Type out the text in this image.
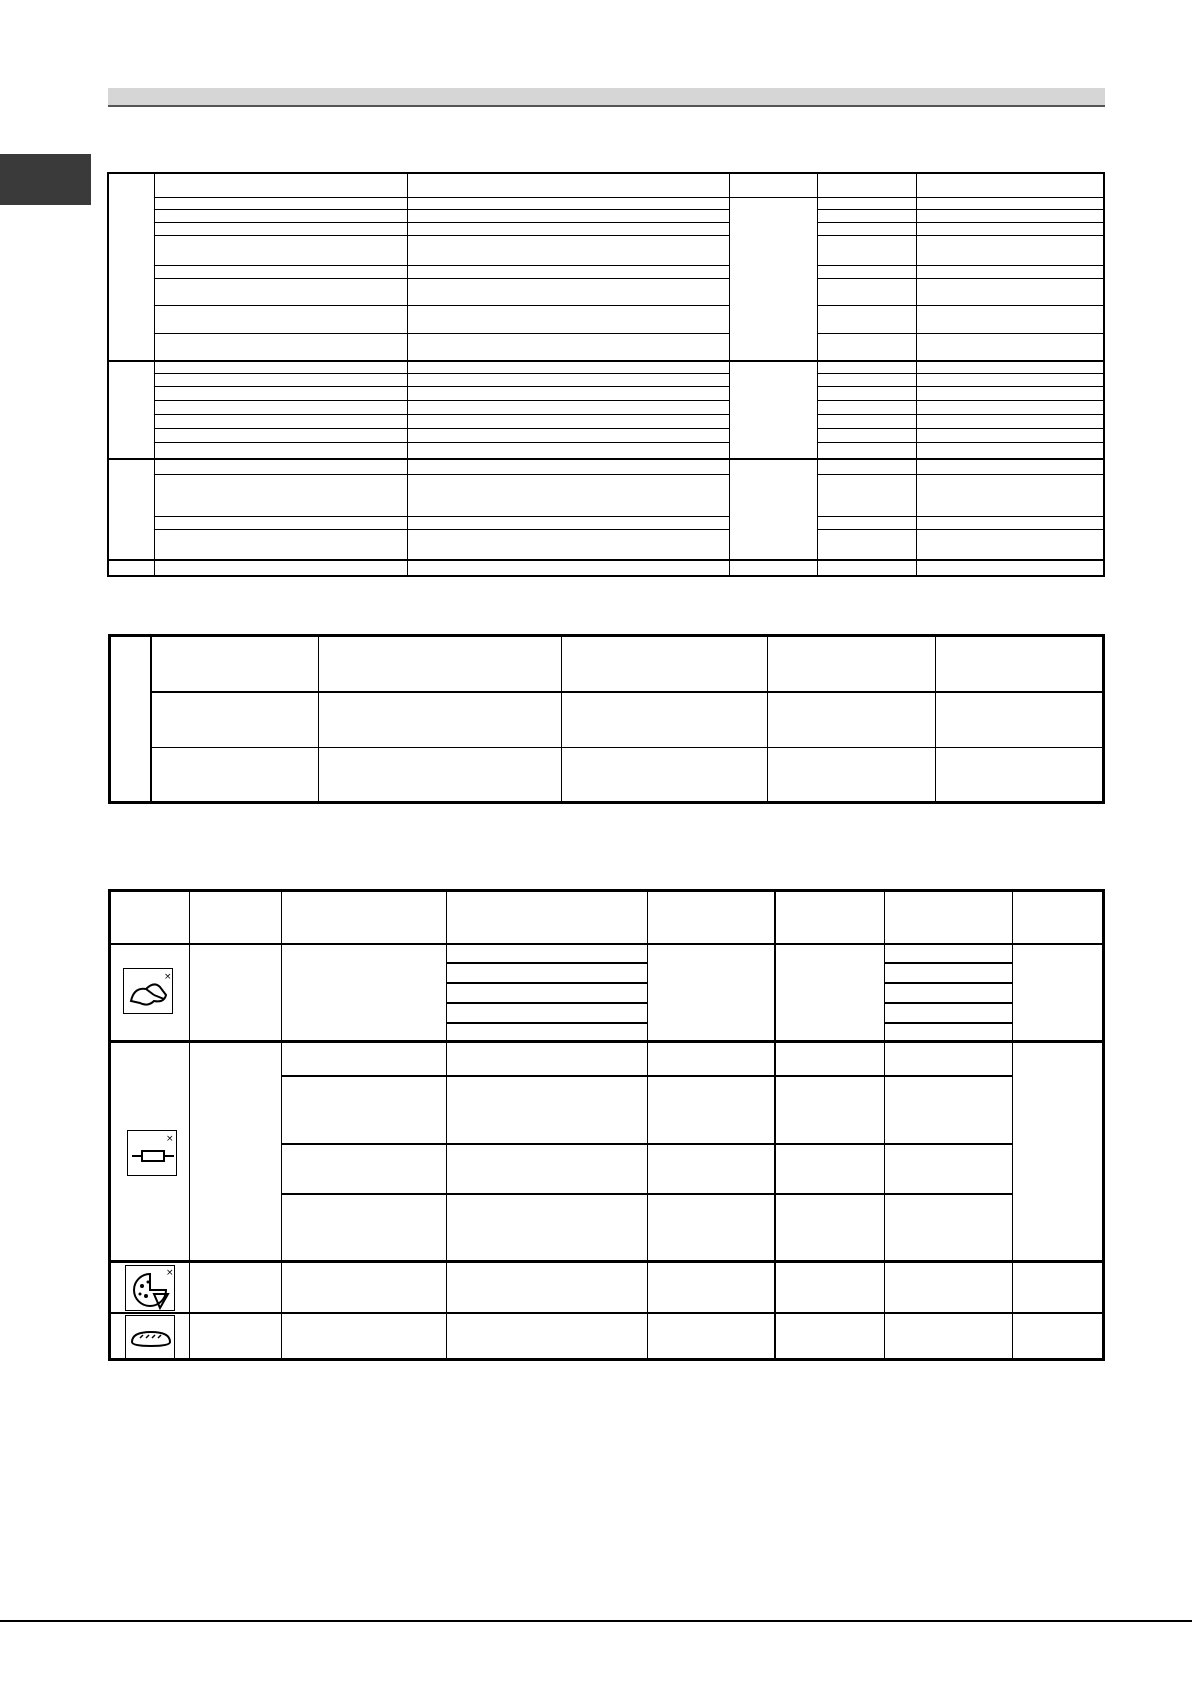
×
×
×
